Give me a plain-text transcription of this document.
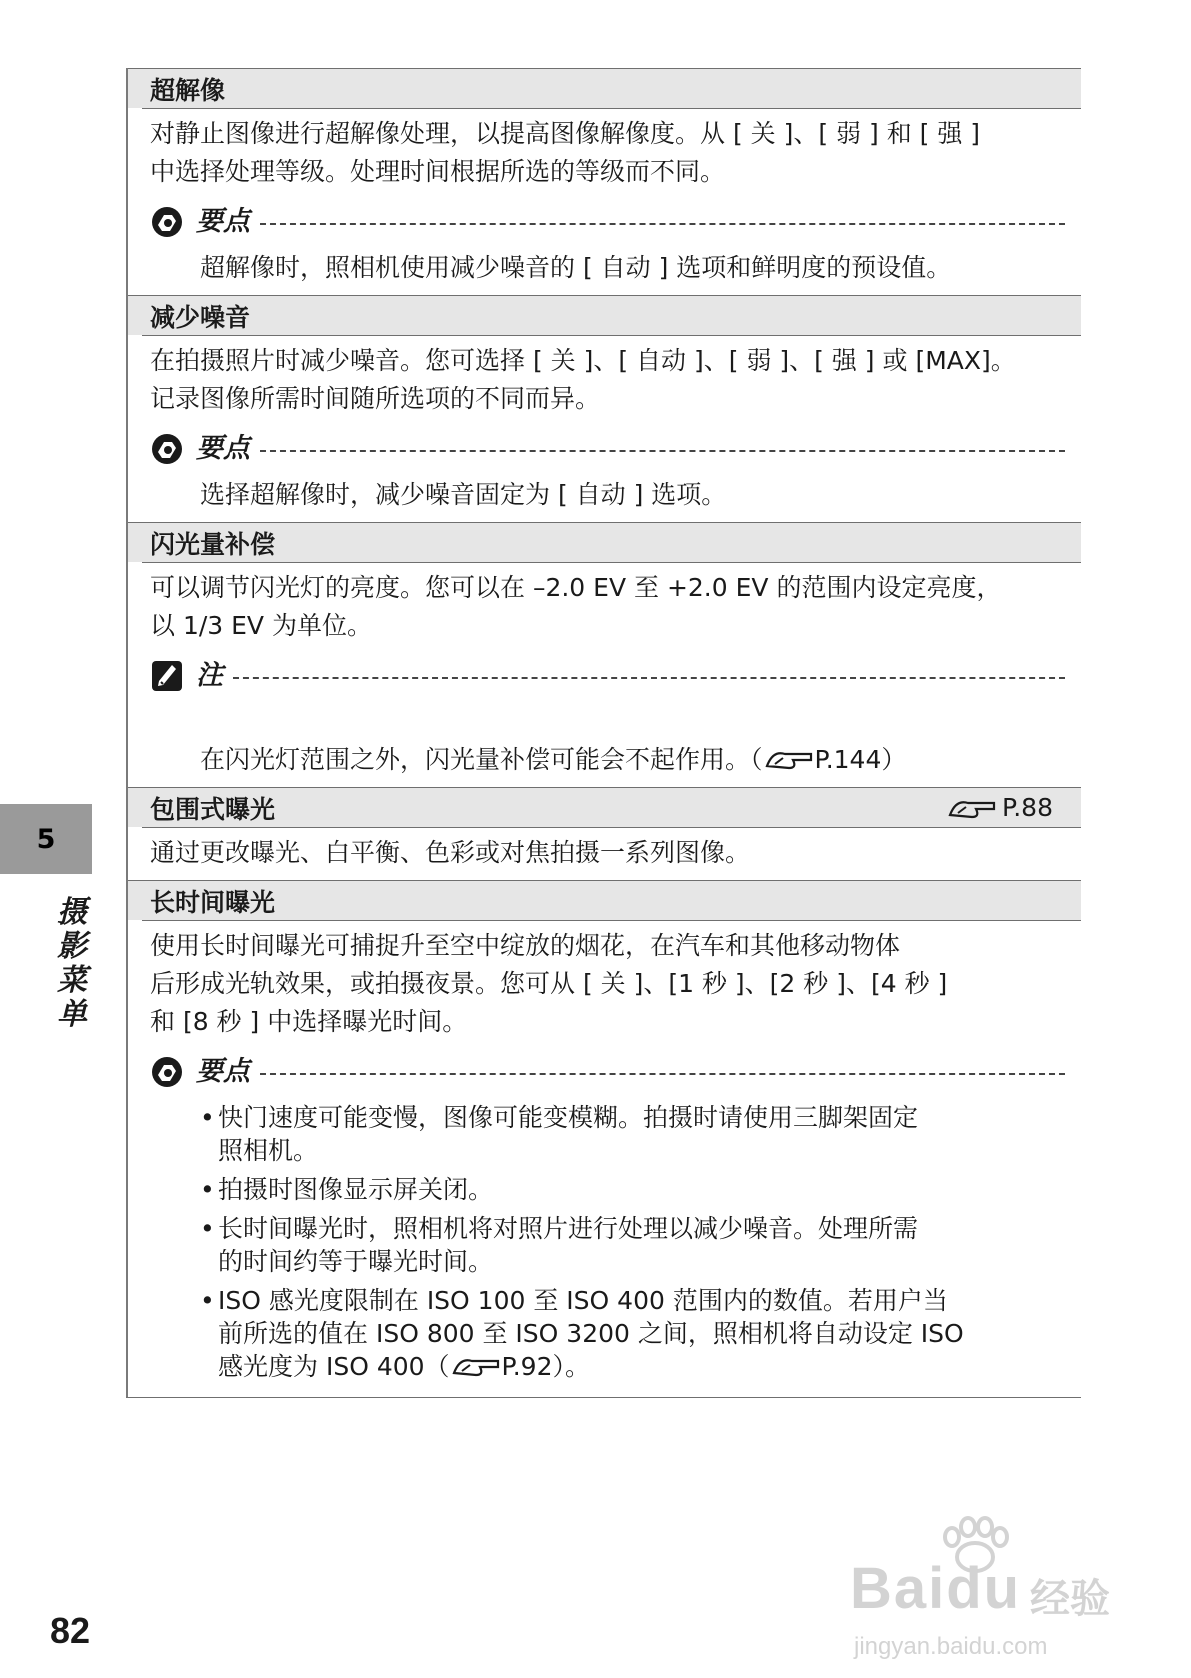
超解像
对静止图像进行超解像处理，以提高图像解像度。从 [ 关 ]、[ 弱 ] 和 [ 强 ]
中选择处理等级。处理时间根据所选的等级而不同。
要点
超解像时，照相机使用减少噪音的 [ 自动 ] 选项和鲜明度的预设值。
减少噪音
在拍摄照片时减少噪音。您可选择 [ 关 ]、[ 自动 ]、[ 弱 ]、[ 强 ] 或 [MAX]。
记录图像所需时间随所选项的不同而异。
要点
选择超解像时，减少噪音固定为 [ 自动 ] 选项。
闪光量补偿
可以调节闪光灯的亮度。您可以在 –2.0 EV 至 +2.0 EV 的范围内设定亮度，
以 1/3 EV 为单位。
注

在闪光灯范围之外，闪光量补偿可能会不起作用。（ P.144）

包围式曝光	P.88
通过更改曝光、白平衡、色彩或对焦拍摄一系列图像。
长时间曝光
使用长时间曝光可捕捉升至空中绽放的烟花，在汽车和其他移动物体
后形成光轨效果，或拍摄夜景。您可从 [ 关 ]、[1 秒 ]、[2 秒 ]、[4 秒 ]
和 [8 秒 ] 中选择曝光时间。
要点
• 快门速度可能变慢，图像可能变模糊。拍摄时请使用三脚架固定
照相机。
• 拍摄时图像显示屏关闭。
• 长时间曝光时，照相机将对照片进行处理以减少噪音。处理所需
的时间约等于曝光时间。
• ISO 感光度限制在 ISO 100 至 ISO 400 范围内的数值。若用户当
前所选的值在 ISO 800 至 ISO 3200 之间，照相机将自动设定 ISO
感光度为 ISO 400（ P.92）。
5
摄影菜单
82
Baidu 经验
jingyan.baidu.com
